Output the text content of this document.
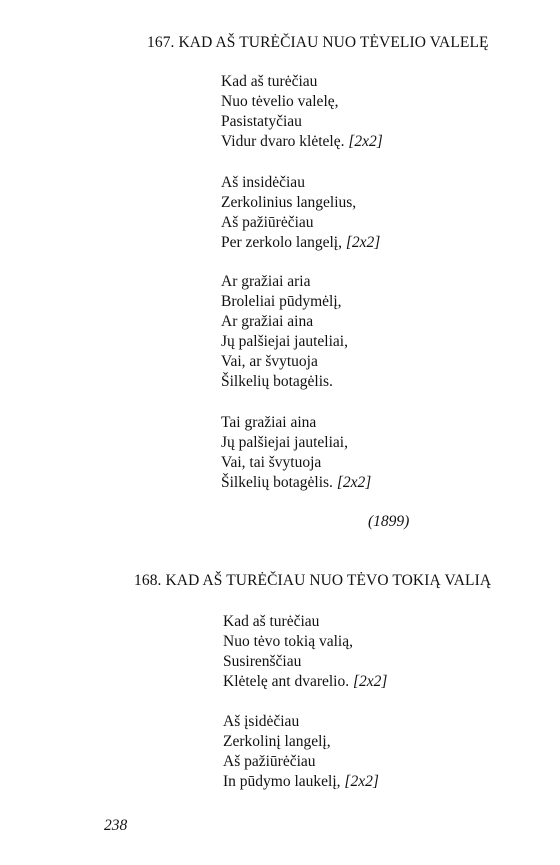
167. KAD AŠ TURĖČIAU NUO TĖVELIO VALELĘ
Kad aš turėčiau
Nuo tėvelio valelę,
Pasistatyčiau
Vidur dvaro klėtelę. [2x2]
Aš insidėčiau
Zerkolinius langelius,
Aš pažiūrėčiau
Per zerkolo langelį, [2x2]
Ar gražiai aria
Broleliai pūdymėlį,
Ar gražiai aina
Jų palšiejai jauteliai,
Vai, ar švytuoja
Šilkelių botagėlis.
Tai gražiai aina
Jų palšiejai jauteliai,
Vai, tai švytuoja
Šilkelių botagėlis. [2x2]
(1899)
168. KAD AŠ TURĖČIAU NUO TĖVO TOKIĄ VALIĄ
Kad aš turėčiau
Nuo tėvo tokią valią,
Susirenščiau
Klėtelę ant dvarelio. [2x2]
Aš įsidėčiau
Zerkolinį langelį,
Aš pažiūrėčiau
In pūdymo laukelį, [2x2]
238
